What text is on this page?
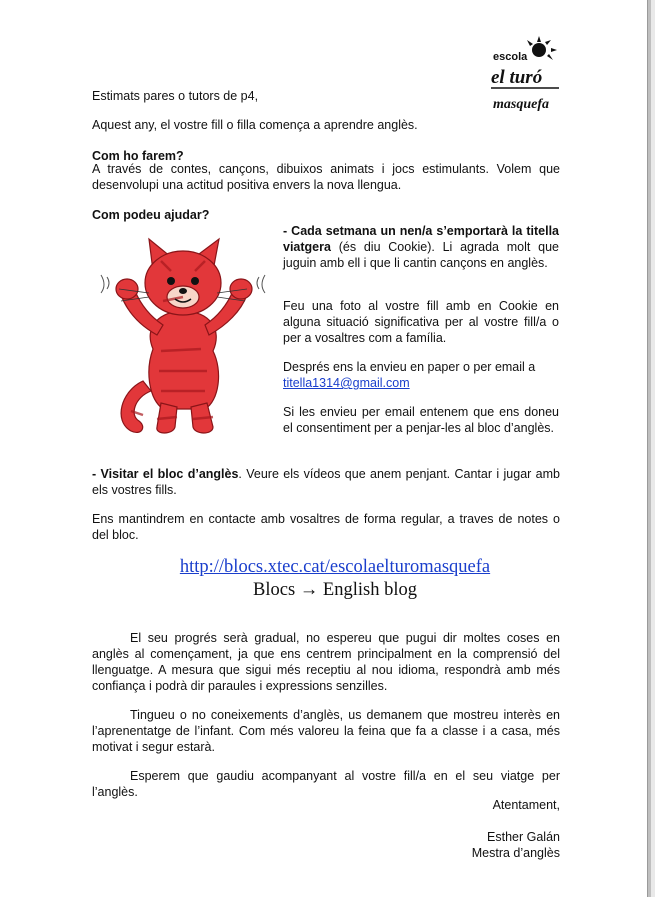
escola
el turó
masquefa
Estimats pares o tutors de p4,
Aquest any, el vostre fill o filla comença a aprendre anglès.
Com ho farem?
A través de contes, cançons, dibuixos animats i jocs estimulants. Volem que desenvolupi una actitud positiva envers la nova llengua.
Com podeu ajudar?
- Cada setmana un nen/a s’emportarà la titella viatgera (és diu Cookie). Li agrada molt que juguin amb ell i que li cantin cançons en anglès.
Feu una foto al vostre fill amb en Cookie en alguna situació significativa per al vostre fill/a o per a vosaltres com a família.
Després ens la envieu en paper o per email a
titella1314@gmail.com
Si les envieu per email entenem que ens doneu el consentiment per a penjar-les al bloc d’anglès.
- Visitar el bloc d’anglès. Veure els vídeos que anem penjant. Cantar i jugar amb els vostres fills.
Ens mantindrem en contacte amb vosaltres de forma regular, a traves de notes o del bloc.
http://blocs.xtec.cat/escolaelturomasquefa
Blocs → English blog
El seu progrés serà gradual, no espereu que pugui dir moltes coses en anglès al començament, ja que ens centrem principalment en la comprensió del llenguatge. A mesura que sigui més receptiu al nou idioma, respondrà amb més confiança i podrà dir paraules i expressions senzilles.
Tingueu o no coneixements d’anglès, us demanem que mostreu interès en l’aprenentatge de l’infant. Com més valoreu la feina que fa a classe i a casa, més motivat i segur estarà.
Esperem que gaudiu acompanyant al vostre fill/a en el seu viatge per l’anglès.
Atentament,
Esther Galán
Mestra d’anglès
